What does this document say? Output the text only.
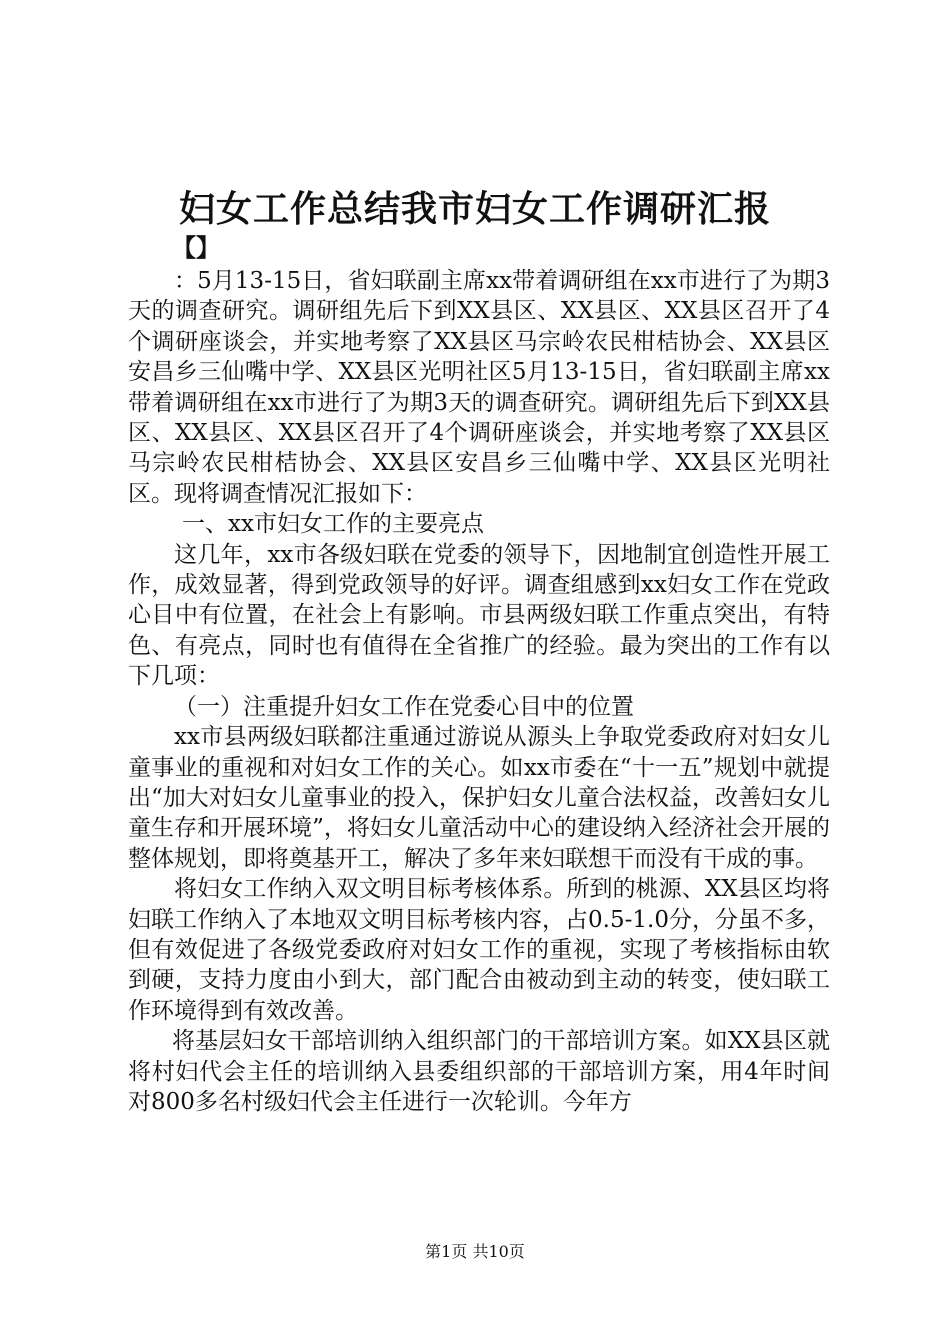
妇女工作总结我市妇女工作调研汇报
【】

：5月13-15日，省妇联副主席xx带着调研组在xx市进行了为期3天的调查研究。调研组先后下到XX县区、XX县区、XX县区召开了4个调研座谈会，并实地考察了XX县区马宗岭农民柑桔协会、XX县区安昌乡三仙嘴中学、XX县区光明社区5月13-15日，省妇联副主席xx带着调研组在xx市进行了为期3天的调查研究。调研组先后下到XX县区、XX县区、XX县区召开了4个调研座谈会，并实地考察了XX县区马宗岭农民柑桔协会、XX县区安昌乡三仙嘴中学、XX县区光明社区。现将调查情况汇报如下：

一、xx市妇女工作的主要亮点

这几年，xx市各级妇联在党委的领导下，因地制宜创造性开展工作，成效显著，得到党政领导的好评。调查组感到xx妇女工作在党政心目中有位置，在社会上有影响。市县两级妇联工作重点突出，有特色、有亮点，同时也有值得在全省推广的经验。最为突出的工作有以下几项：

（一）注重提升妇女工作在党委心目中的位置

xx市县两级妇联都注重通过游说从源头上争取党委政府对妇女儿童事业的重视和对妇女工作的关心。如xx市委在“十一五”规划中就提出“加大对妇女儿童事业的投入，保护妇女儿童合法权益，改善妇女儿童生存和开展环境”，将妇女儿童活动中心的建设纳入经济社会开展的整体规划，即将奠基开工，解决了多年来妇联想干而没有干成的事。

将妇女工作纳入双文明目标考核体系。所到的桃源、XX县区均将妇联工作纳入了本地双文明目标考核内容，占0.5-1.0分，分虽不多，但有效促进了各级党委政府对妇女工作的重视，实现了考核指标由软到硬，支持力度由小到大，部门配合由被动到主动的转变，使妇联工作环境得到有效改善。

将基层妇女干部培训纳入组织部门的干部培训方案。如XX县区就将村妇代会主任的培训纳入县委组织部的干部培训方案，用4年时间对800多名村级妇代会主任进行一次轮训。今年方

第1页 共10页
